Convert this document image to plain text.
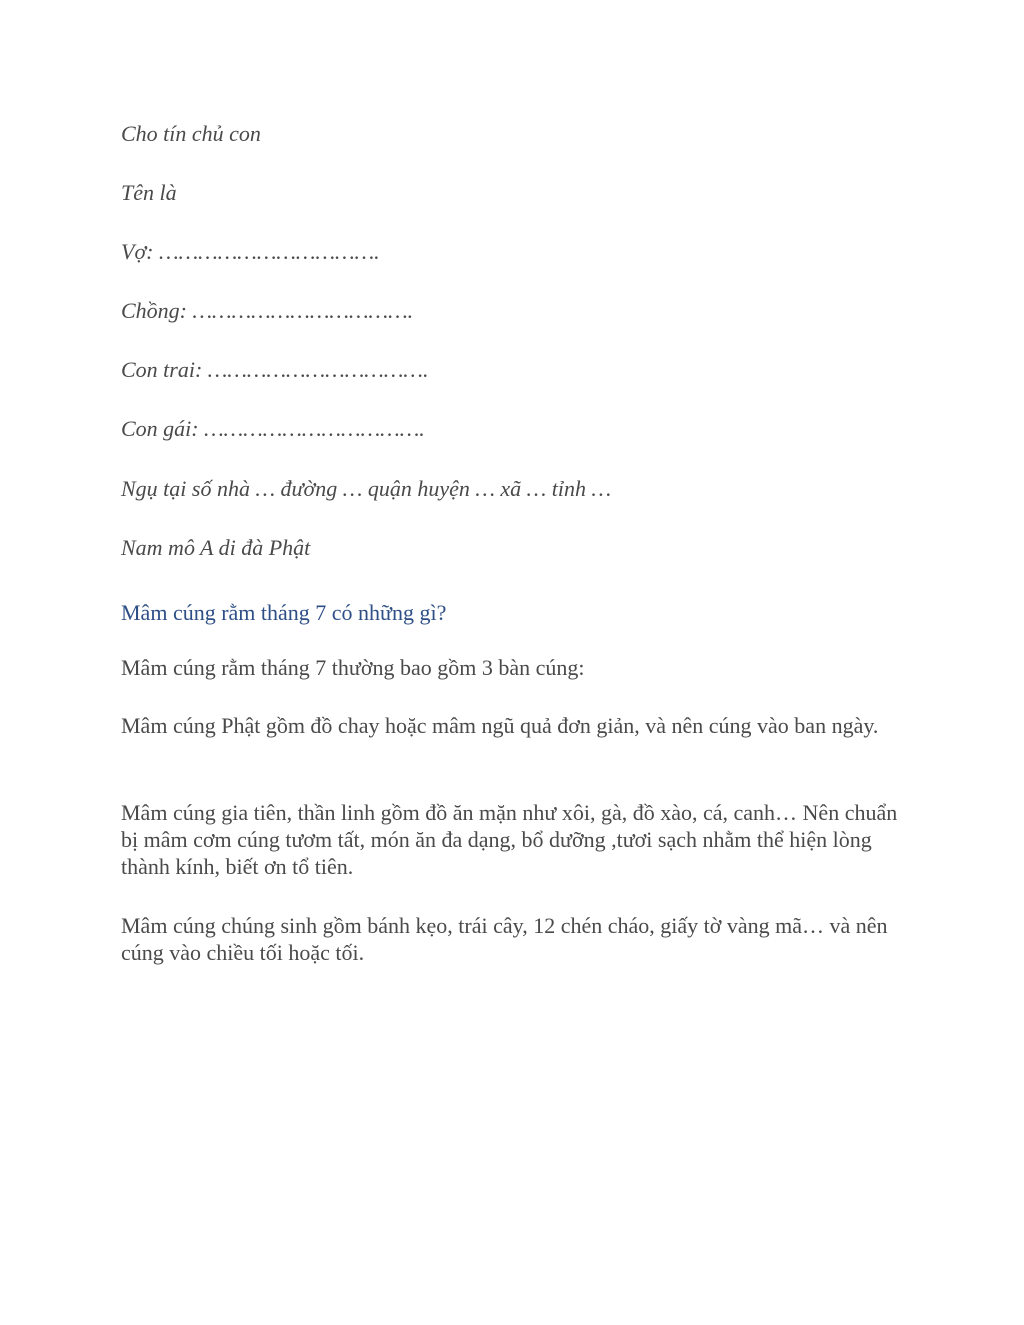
Cho tín chủ con
Tên là
Vợ: …………………………….
Chồng: …………………………….
Con trai: …………………………….
Con gái: …………………………….
Ngụ tại số nhà … đường … quận huyện … xã … tỉnh …
Nam mô A di đà Phật
Mâm cúng rằm tháng 7 có những gì?
Mâm cúng rằm tháng 7 thường bao gồm 3 bàn cúng:
Mâm cúng Phật gồm đồ chay hoặc mâm ngũ quả đơn giản, và nên cúng vào ban ngày.
Mâm cúng gia tiên, thần linh gồm đồ ăn mặn như xôi, gà, đồ xào, cá, canh… Nên chuẩn bị mâm cơm cúng tươm tất, món ăn đa dạng, bổ dưỡng ,tươi sạch nhằm thể hiện lòng thành kính, biết ơn tổ tiên.
Mâm cúng chúng sinh gồm bánh kẹo, trái cây, 12 chén cháo, giấy tờ vàng mã… và nên cúng vào chiều tối hoặc tối.
